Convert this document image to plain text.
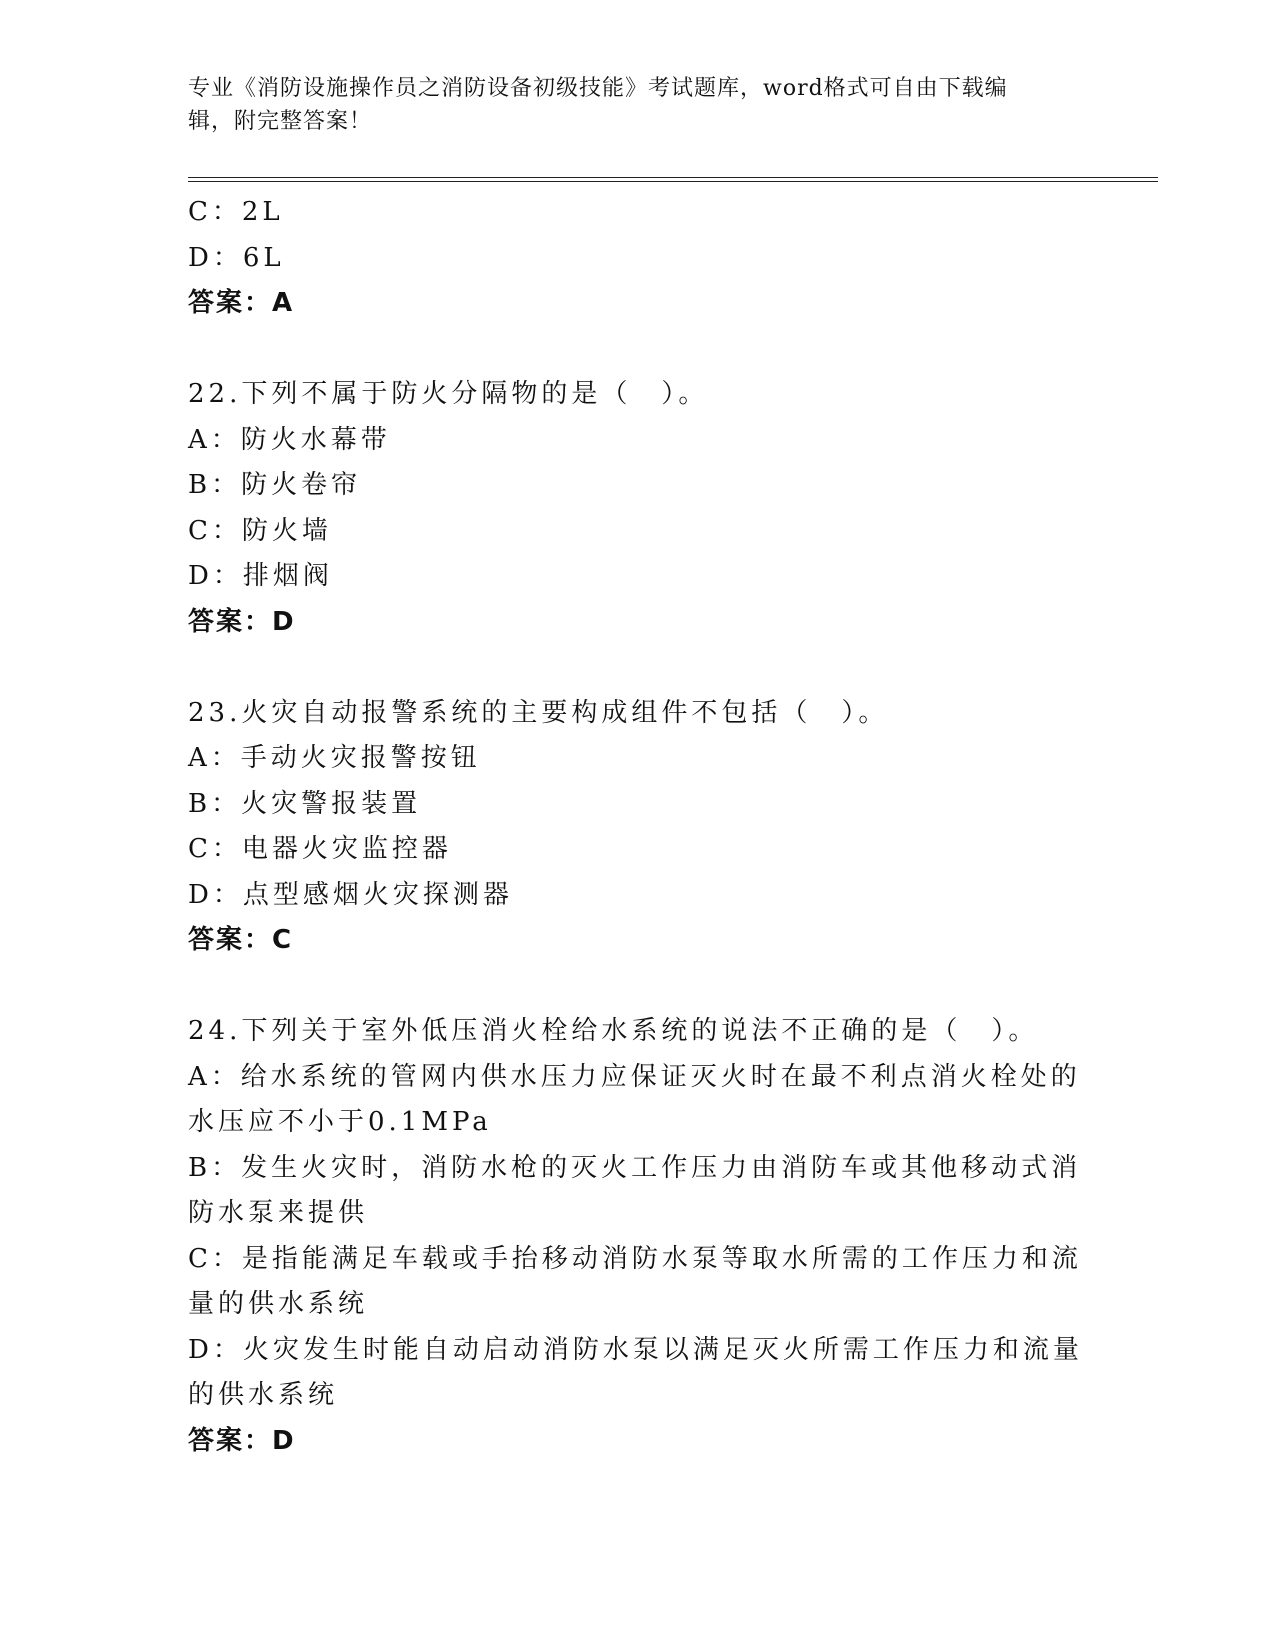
专业《消防设施操作员之消防设备初级技能》考试题库，word格式可自由下载编
辑，附完整答案！
C：2L
D：6L
答案：A
22.下列不属于防火分隔物的是（　）。
A：防火水幕带
B：防火卷帘
C：防火墙
D：排烟阀
答案：D
23.火灾自动报警系统的主要构成组件不包括（　）。
A：手动火灾报警按钮
B：火灾警报装置
C：电器火灾监控器
D：点型感烟火灾探测器
答案：C
24.下列关于室外低压消火栓给水系统的说法不正确的是（　）。
A：给水系统的管网内供水压力应保证灭火时在最不利点消火栓处的水压应不小于0.1MPa
B：发生火灾时，消防水枪的灭火工作压力由消防车或其他移动式消防水泵来提供
C：是指能满足车载或手抬移动消防水泵等取水所需的工作压力和流量的供水系统
D：火灾发生时能自动启动消防水泵以满足灭火所需工作压力和流量的供水系统
答案：D
